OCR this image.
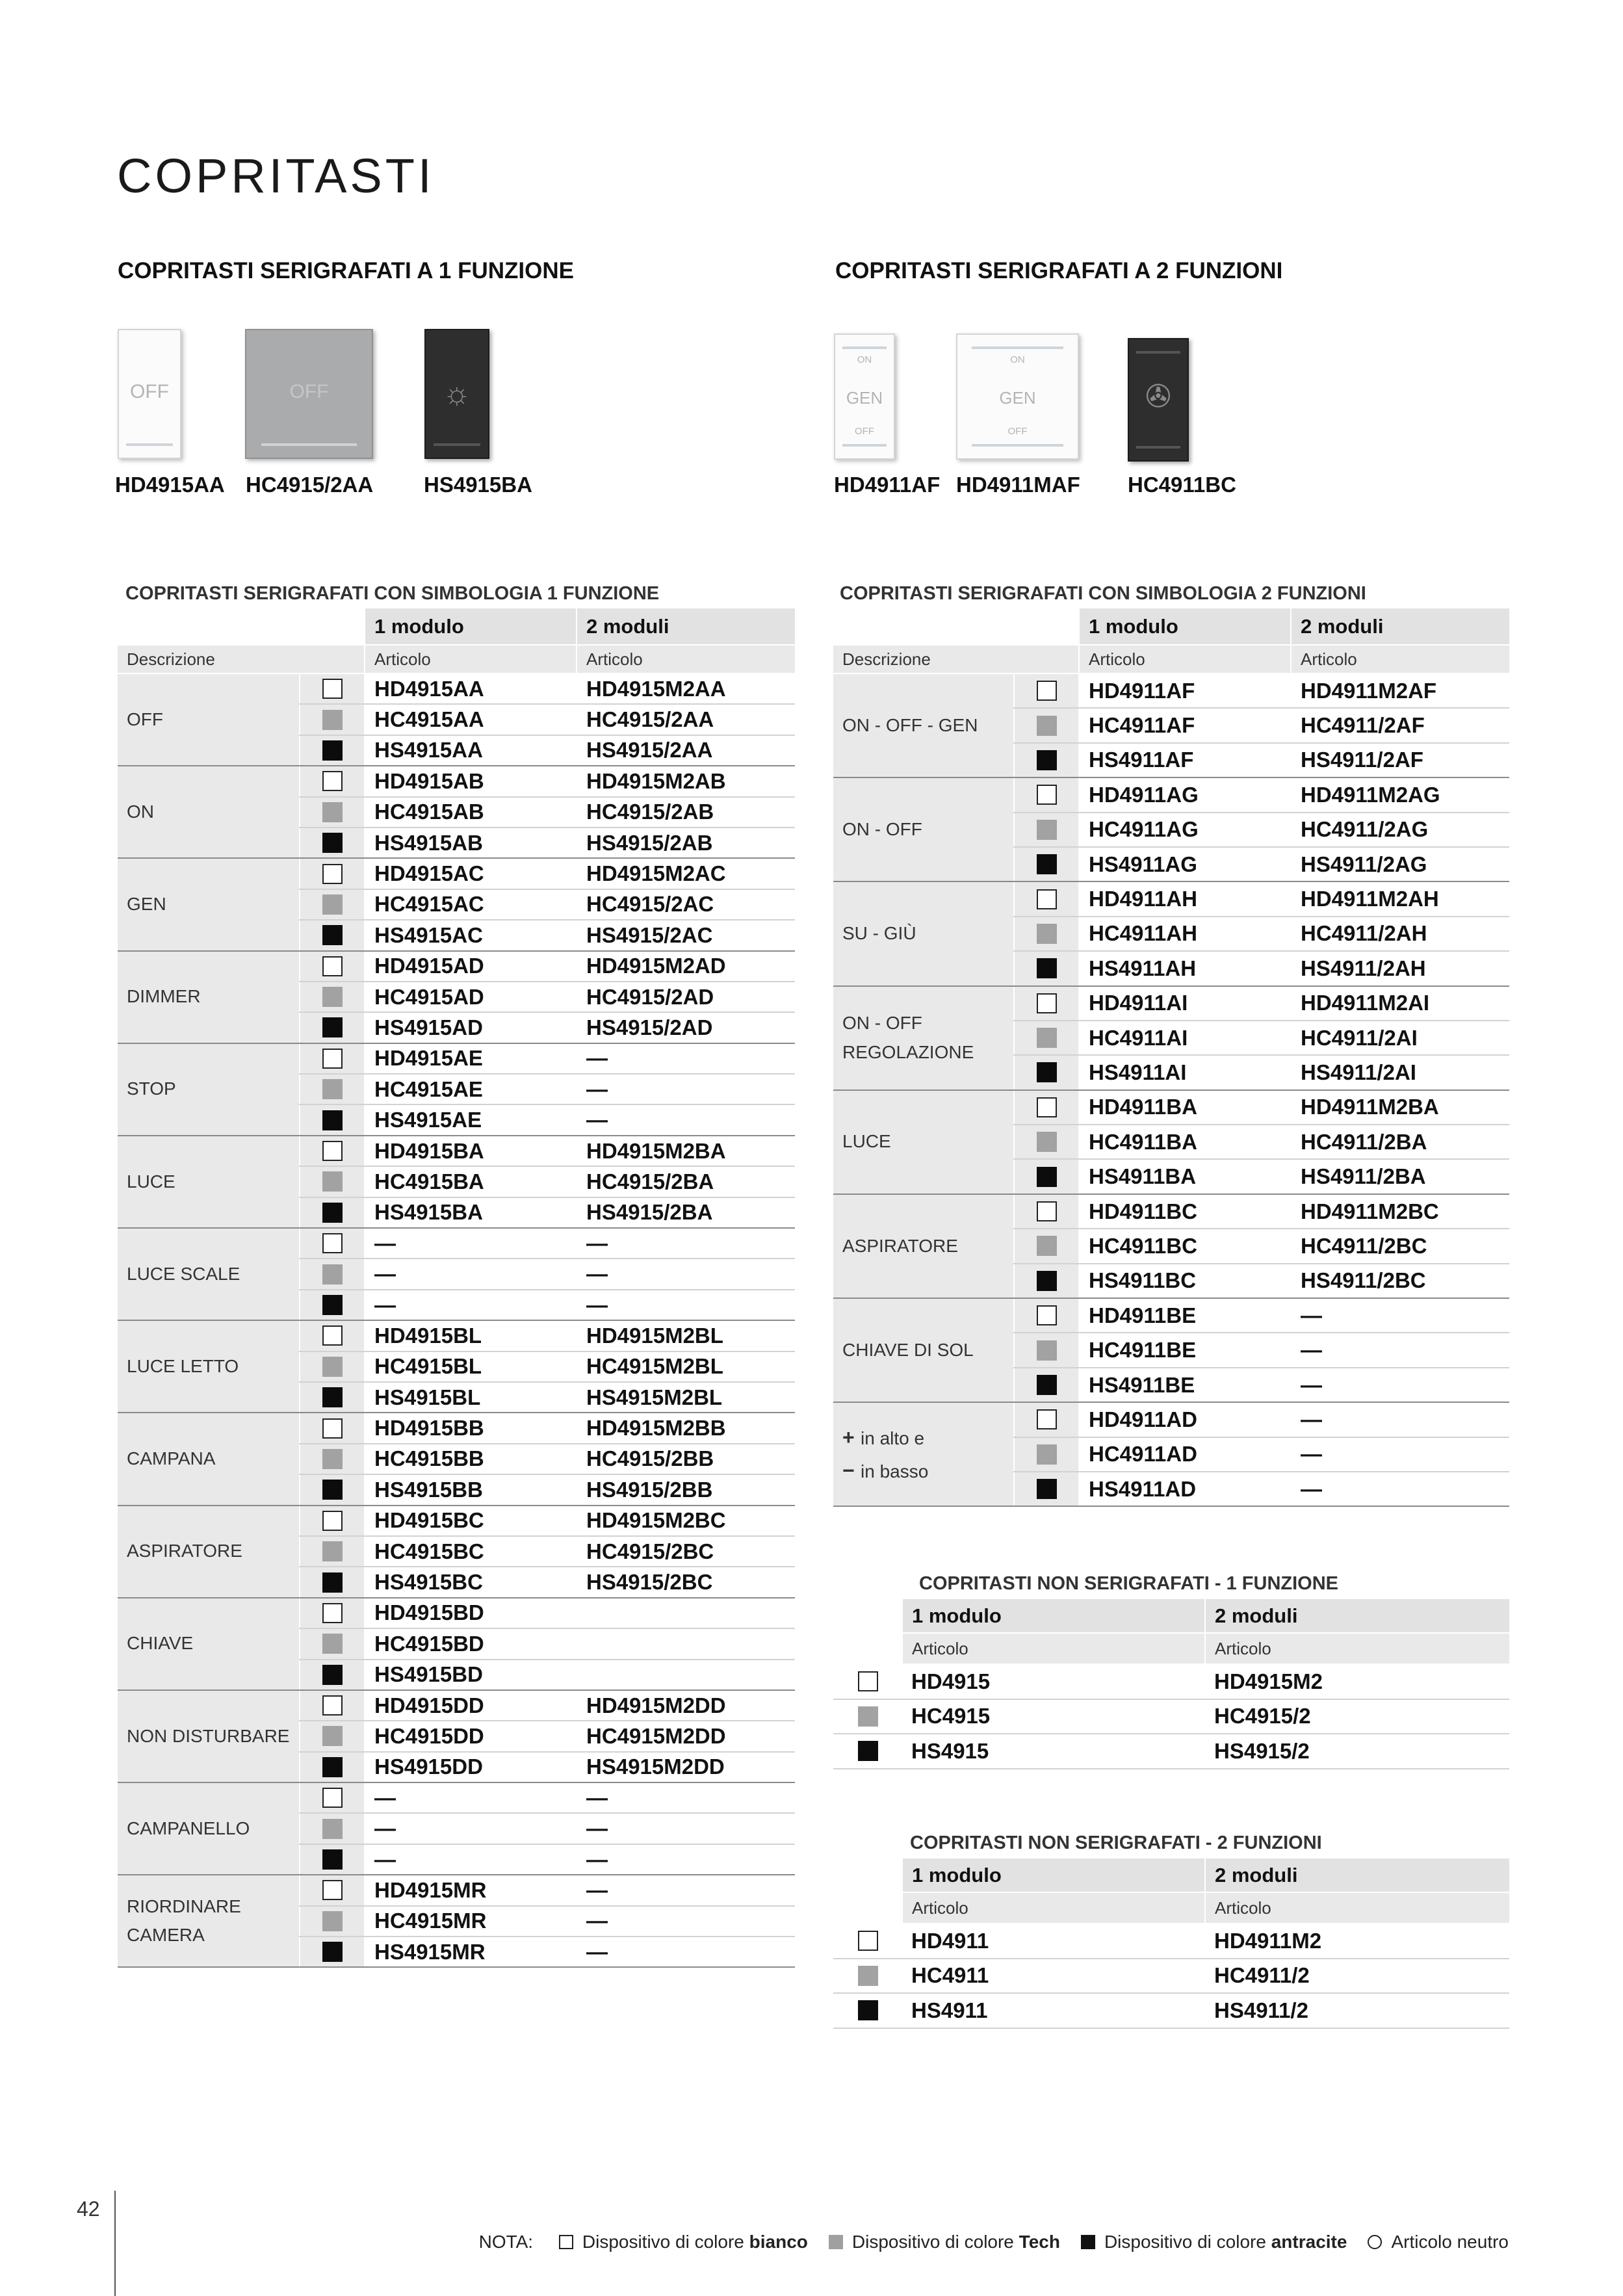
COPRITASTI
COPRITASTI SERIGRAFATI A 1 FUNZIONE	COPRITASTI SERIGRAFATI A 2 FUNZIONI
OFF	OFF	☼
HD4915AA HC4915/2AA HS4915BA
ON
GEN
OFF
ON
GEN
OFF
✇
HD4911AF HD4911MAF HC4911BC
COPRITASTI SERIGRAFATI CON SIMBOLOGIA 1 FUNZIONE	COPRITASTI SERIGRAFATI CON SIMBOLOGIA 2 FUNZIONI
COPRITASTI NON SERIGRAFATI - 1 FUNZIONE
COPRITASTI NON SERIGRAFATI - 2 FUNZIONI
		1 modulo	2 moduli
Descrizione		Articolo	Articolo
OFF		HD4915AA	HD4915M2AA
		HC4915AA	HC4915/2AA
		HS4915AA	HS4915/2AA
ON		HD4915AB	HD4915M2AB
		HC4915AB	HC4915/2AB
		HS4915AB	HS4915/2AB
GEN		HD4915AC	HD4915M2AC
		HC4915AC	HC4915/2AC
		HS4915AC	HS4915/2AC
DIMMER		HD4915AD	HD4915M2AD
		HC4915AD	HC4915/2AD
		HS4915AD	HS4915/2AD
STOP		HD4915AE	—
		HC4915AE	—
		HS4915AE	—
LUCE		HD4915BA	HD4915M2BA
		HC4915BA	HC4915/2BA
		HS4915BA	HS4915/2BA
LUCE SCALE		—	—
		—	—
		—	—
LUCE LETTO		HD4915BL	HD4915M2BL
		HC4915BL	HC4915M2BL
		HS4915BL	HS4915M2BL
CAMPANA		HD4915BB	HD4915M2BB
		HC4915BB	HC4915/2BB
		HS4915BB	HS4915/2BB
ASPIRATORE		HD4915BC	HD4915M2BC
		HC4915BC	HC4915/2BC
		HS4915BC	HS4915/2BC
CHIAVE		HD4915BD	
		HC4915BD	
		HS4915BD	
NON DISTURBARE		HD4915DD	HD4915M2DD
		HC4915DD	HC4915M2DD
		HS4915DD	HS4915M2DD
CAMPANELLO		—	—
		—	—
		—	—
RIORDINARE CAMERA		HD4915MR	—
		HC4915MR	—
		HS4915MR	—
		1 modulo	2 moduli
Descrizione		Articolo	Articolo
ON - OFF - GEN		HD4911AF	HD4911M2AF
		HC4911AF	HC4911/2AF
		HS4911AF	HS4911/2AF
ON - OFF		HD4911AG	HD4911M2AG
		HC4911AG	HC4911/2AG
		HS4911AG	HS4911/2AG
SU - GIÙ		HD4911AH	HD4911M2AH
		HC4911AH	HC4911/2AH
		HS4911AH	HS4911/2AH
ON - OFF
REGOLAZIONE		HD4911AI	HD4911M2AI
		HC4911AI	HC4911/2AI
		HS4911AI	HS4911/2AI
LUCE		HD4911BA	HD4911M2BA
		HC4911BA	HC4911/2BA
		HS4911BA	HS4911/2BA
ASPIRATORE		HD4911BC	HD4911M2BC
		HC4911BC	HC4911/2BC
		HS4911BC	HS4911/2BC
CHIAVE DI SOL		HD4911BE	—
		HC4911BE	—
		HS4911BE	—

+ in alto e
− in basso		HD4911AD	—
		HC4911AD	—
		HS4911AD	—
	1 modulo	2 moduli
	Articolo	Articolo
	HD4915	HD4915M2
	HC4915	HC4915/2
	HS4915	HS4915/2
	1 modulo	2 moduli
	Articolo	Articolo
	HD4911	HD4911M2
	HC4911	HC4911/2
	HS4911	HS4911/2
42
NOTA:	Dispositivo di colore bianco Dispositivo di colore Tech Dispositivo di colore antracite Articolo neutro
